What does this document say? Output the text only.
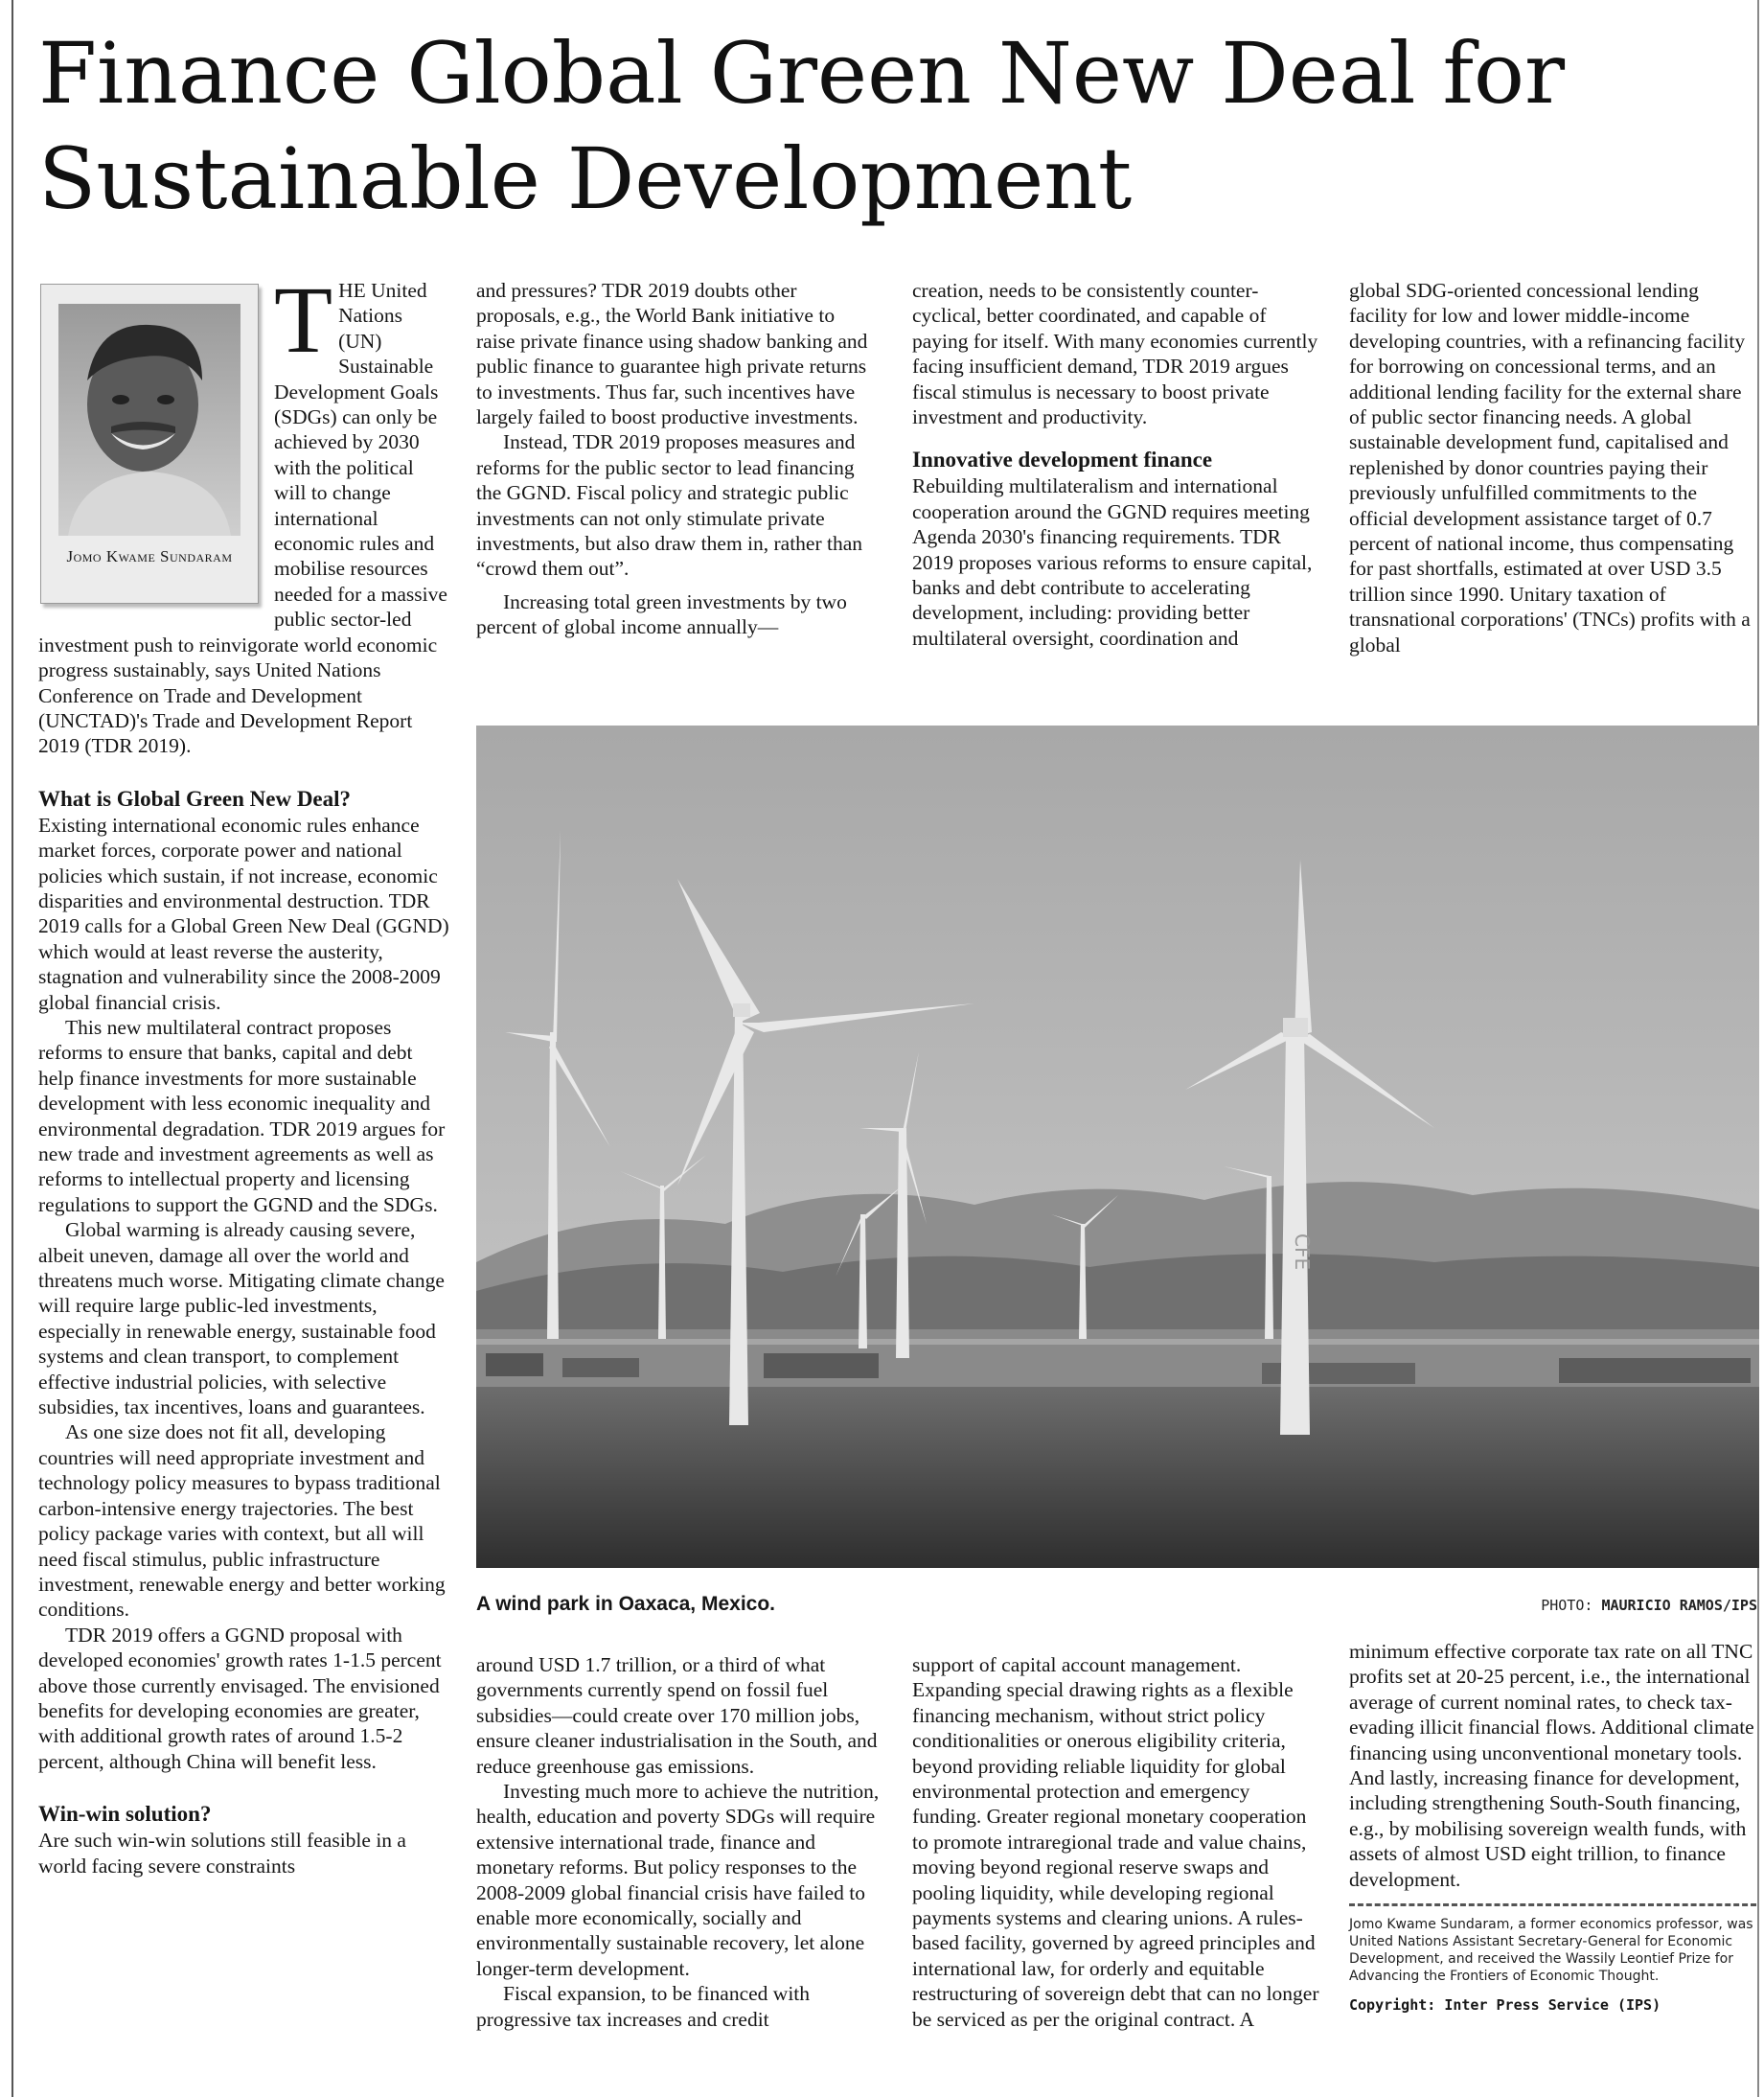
Finance Global Green New Deal for Sustainable Development
Jomo Kwame Sundaram
T HE United Nations (UN) Sustainable Development Goals (SDGs) can only be achieved by 2030 with the political will to change international economic rules and mobilise resources needed for a massive public sector-led investment push to reinvigorate world economic progress sustainably, says United Nations Conference on Trade and Development (UNCTAD)'s Trade and Development Report 2019 (TDR 2019).

What is Global Green New Deal?

Existing international economic rules enhance market forces, corporate power and national policies which sustain, if not increase, economic disparities and environmental destruction. TDR 2019 calls for a Global Green New Deal (GGND) which would at least reverse the austerity, stagnation and vulnerability since the 2008-2009 global financial crisis.

This new multilateral contract proposes reforms to ensure that banks, capital and debt help finance investments for more sustainable development with less economic inequality and environmental degradation. TDR 2019 argues for new trade and investment agreements as well as reforms to intellectual property and licensing regulations to support the GGND and the SDGs.

Global warming is already causing severe, albeit uneven, damage all over the world and threatens much worse. Mitigating climate change will require large public-led investments, especially in renewable energy, sustainable food systems and clean transport, to complement effective industrial policies, with selective subsidies, tax incentives, loans and guarantees.

As one size does not fit all, developing countries will need appropriate investment and technology policy measures to bypass traditional carbon-intensive energy trajectories. The best policy package varies with context, but all will need fiscal stimulus, public infrastructure investment, renewable energy and better working conditions.

TDR 2019 offers a GGND proposal with developed economies' growth rates 1-1.5 percent above those currently envisaged. The envisioned benefits for developing economies are greater, with additional growth rates of around 1.5-2 percent, although China will benefit less.

Win-win solution?

Are such win-win solutions still feasible in a world facing severe constraints

and pressures? TDR 2019 doubts other proposals, e.g., the World Bank initiative to raise private finance using shadow banking and public finance to guarantee high private returns to investments. Thus far, such incentives have largely failed to boost productive investments.

Instead, TDR 2019 proposes measures and reforms for the public sector to lead financing the GGND. Fiscal policy and strategic public investments can not only stimulate private investments, but also draw them in, rather than “crowd them out”.

Increasing total green investments by two percent of global income annually—

creation, needs to be consistently counter-cyclical, better coordinated, and capable of paying for itself. With many economies currently facing insufficient demand, TDR 2019 argues fiscal stimulus is necessary to boost private investment and productivity.

Innovative development finance

Rebuilding multilateralism and international cooperation around the GGND requires meeting Agenda 2030's financing requirements. TDR 2019 proposes various reforms to ensure capital, banks and debt contribute to accelerating development, including: providing better multilateral oversight, coordination and

global SDG-oriented concessional lending facility for low and lower middle-income developing countries, with a refinancing facility for borrowing on concessional terms, and an additional lending facility for the external share of public sector financing needs. A global sustainable development fund, capitalised and replenished by donor countries paying their previously unfulfilled commitments to the official development assistance target of 0.7 percent of national income, thus compensating for past shortfalls, estimated at over USD 3.5 trillion since 1990. Unitary taxation of transnational corporations' (TNCs) profits with a global

CFE
A wind park in Oaxaca, Mexico.	PHOTO: MAURICIO RAMOS/IPS

around USD 1.7 trillion, or a third of what governments currently spend on fossil fuel subsidies—could create over 170 million jobs, ensure cleaner industrialisation in the South, and reduce greenhouse gas emissions.

Investing much more to achieve the nutrition, health, education and poverty SDGs will require extensive international trade, finance and monetary reforms. But policy responses to the 2008-2009 global financial crisis have failed to enable more economically, socially and environmentally sustainable recovery, let alone longer-term development.

Fiscal expansion, to be financed with progressive tax increases and credit

support of capital account management. Expanding special drawing rights as a flexible financing mechanism, without strict policy conditionalities or onerous eligibility criteria, beyond providing reliable liquidity for global environmental protection and emergency funding. Greater regional monetary cooperation to promote intraregional trade and value chains, moving beyond regional reserve swaps and pooling liquidity, while developing regional payments systems and clearing unions. A rules-based facility, governed by agreed principles and international law, for orderly and equitable restructuring of sovereign debt that can no longer be serviced as per the original contract. A

minimum effective corporate tax rate on all TNC profits set at 20-25 percent, i.e., the international average of current nominal rates, to check tax-evading illicit financial flows. Additional climate financing using unconventional monetary tools. And lastly, increasing finance for development, including strengthening South-South financing, e.g., by mobilising sovereign wealth funds, with assets of almost USD eight trillion, to finance development.

Jomo Kwame Sundaram, a former economics professor, was United Nations Assistant Secretary-General for Economic Development, and received the Wassily Leontief Prize for Advancing the Frontiers of Economic Thought.
Copyright: Inter Press Service (IPS)
